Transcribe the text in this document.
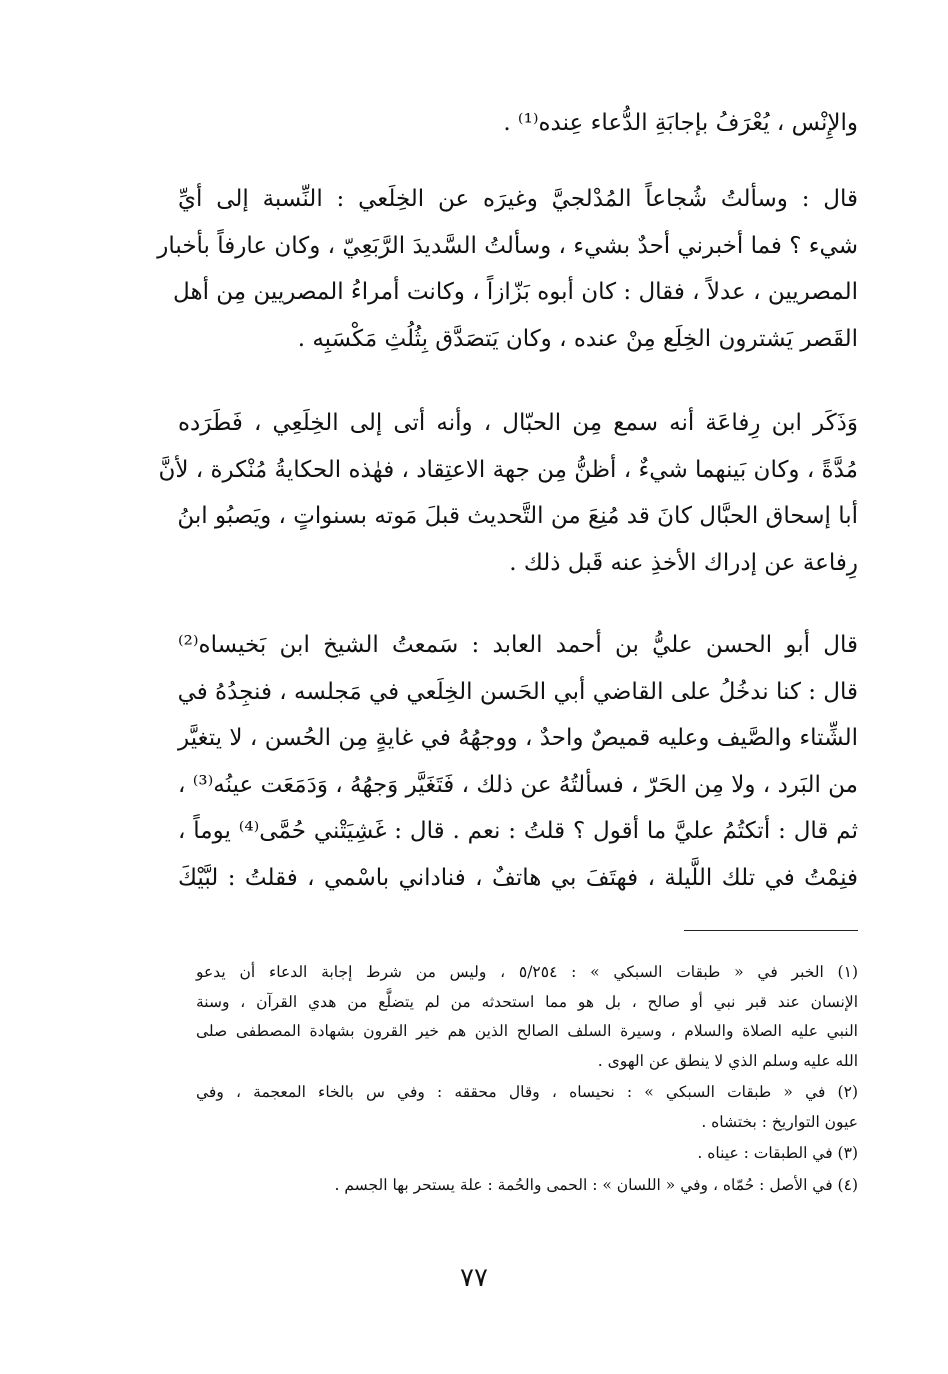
والإِنْس ، يُعْرَفُ بإجابَةِ الدُّعاء عِنده⁽¹⁾ .

قال : وسألتُ شُجاعاً المُدْلجيَّ وغيرَه عن الخِلَعي : النِّسبة إلى أيِّ
شيء ؟ فما أخبرني أحدٌ بشيء ، وسألتُ السَّديدَ الرَّبَعِيّ ، وكان عارفاً بأخبار
المصريين ، عدلاً ، فقال : كان أبوه بَزّازاً ، وكانت أمراءُ المصريين مِن أهل
القَصر يَشترون الخِلَع مِنْ عنده ، وكان يَتصَدَّق بِثُلُثِ مَكْسَبِه .

وَذَكَر ابن رِفاعَة أنه سمع مِن الحبّال ، وأنه أتى إلى الخِلَعِي ، فَطَرَده
مُدَّةً ، وكان بَينهما شيءٌ ، أظنُّ مِن جهة الاعتِقاد ، فهٰذه الحكايةُ مُنْكرة ، لأنَّ
أبا إسحاق الحبَّال كانَ قد مُنِعَ من التَّحديث قبلَ مَوته بسنواتٍ ، ويَصبُو ابنُ
رِفاعة عن إدراك الأخذِ عنه قَبل ذلك .

قال أبو الحسن عليُّ بن أحمد العابد : سَمعتُ الشيخ ابن بَخيساه⁽²⁾
قال : كنا ندخُلُ على القاضي أبي الحَسن الخِلَعي في مَجلسه ، فنجِدُهُ في
الشِّتاء والصَّيف وعليه قميصٌ واحدٌ ، ووجهُهُ في غايةٍ مِن الحُسن ، لا يتغيَّر
من البَرد ، ولا مِن الحَرّ ، فسألتُهُ عن ذلك ، فَتَغَيَّر وَجهُهُ ، وَدَمَعَت عينُه⁽³⁾ ،
ثم قال : أتكتُمُ عليَّ ما أقول ؟ قلتُ : نعم . قال : غَشِيَتْني حُمَّى⁽⁴⁾ يوماً ،
فنِمْتُ في تلك اللَّيلة ، فهتَفَ بي هاتفٌ ، فناداني باسْمي ، فقلتُ : لبَّيْكَ

(١) الخبر في « طبقات السبكي » : ٥/٢٥٤ ، وليس من شرط إجابة الدعاء أن يدعو
الإنسان عند قبر نبي أو صالح ، بل هو مما استحدثه من لم يتضلَّع من هدي القرآن ، وسنة
النبي عليه الصلاة والسلام ، وسيرة السلف الصالح الذين هم خير القرون بشهادة المصطفى صلى
الله عليه وسلم الذي لا ينطق عن الهوى .
(٢) في « طبقات السبكي » : نحيساه ، وقال محققه : وفي س بالخاء المعجمة ، وفي
عيون التواريخ : بختشاه .
(٣) في الطبقات : عيناه .
(٤) في الأصل : حُمّاه ، وفي « اللسان » : الحمى والحُمة : علة يستحر بها الجسم .
٧٧
